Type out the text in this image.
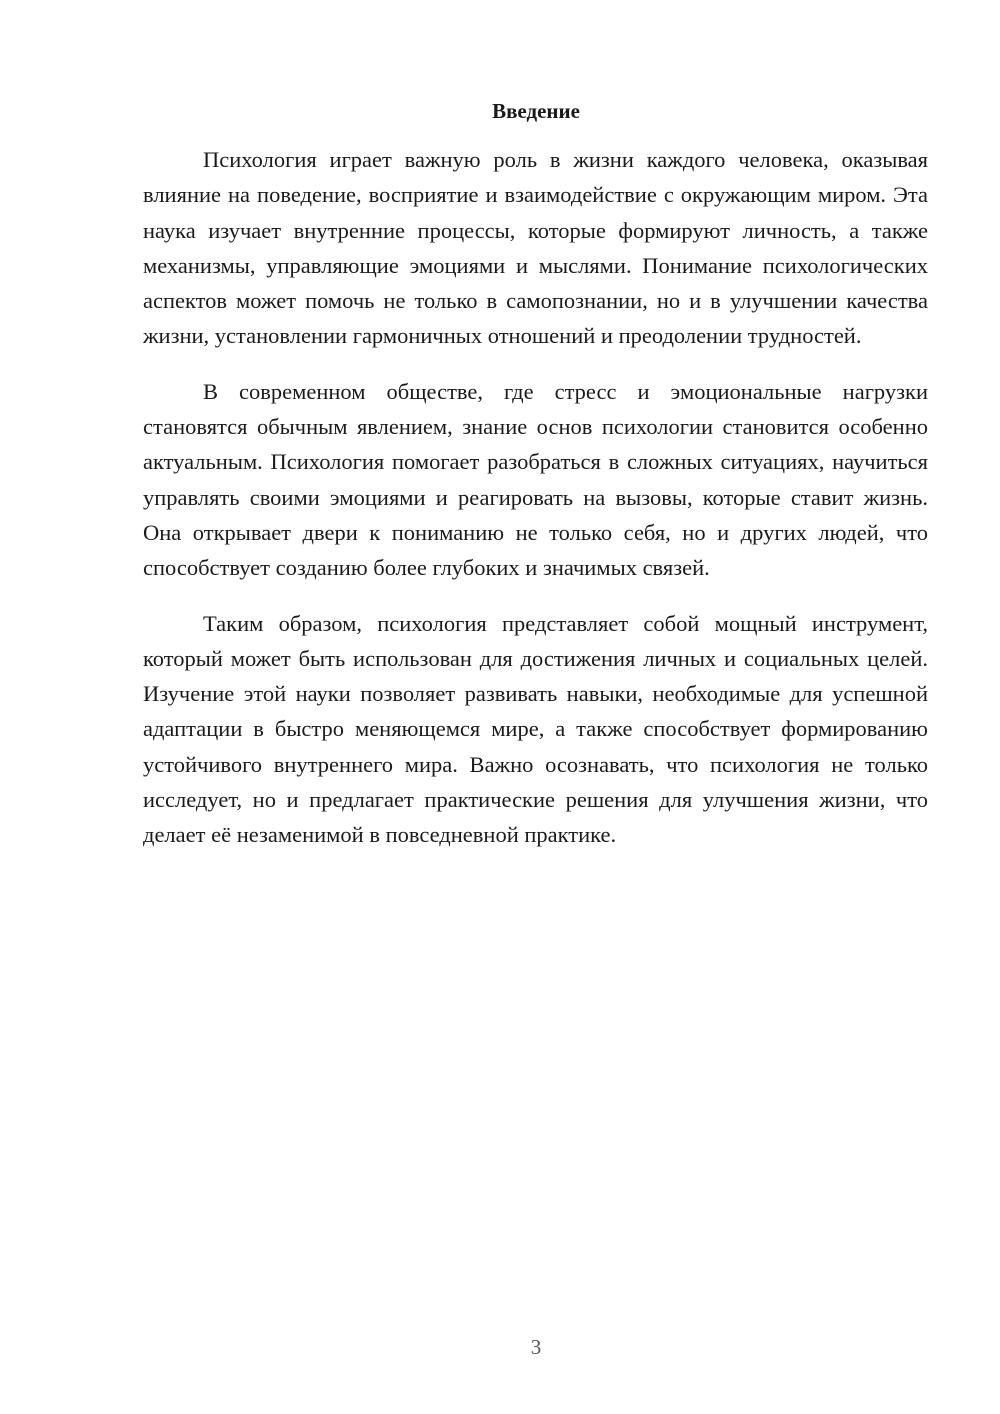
Введение

Психология играет важную роль в жизни каждого человека, оказывая влияние на поведение, восприятие и взаимодействие с окружающим миром. Эта наука изучает внутренние процессы, которые формируют личность, а также механизмы, управляющие эмоциями и мыслями. Понимание психологических аспектов может помочь не только в самопознании, но и в улучшении качества жизни, установлении гармоничных отношений и преодолении трудностей.

В современном обществе, где стресс и эмоциональные нагрузки становятся обычным явлением, знание основ психологии становится особенно актуальным. Психология помогает разобраться в сложных ситуациях, научиться управлять своими эмоциями и реагировать на вызовы, которые ставит жизнь. Она открывает двери к пониманию не только себя, но и других людей, что способствует созданию более глубоких и значимых связей.

Таким образом, психология представляет собой мощный инструмент, который может быть использован для достижения личных и социальных целей. Изучение этой науки позволяет развивать навыки, необходимые для успешной адаптации в быстро меняющемся мире, а также способствует формированию устойчивого внутреннего мира. Важно осознавать, что психология не только исследует, но и предлагает практические решения для улучшения жизни, что делает её незаменимой в повседневной практике.

3
